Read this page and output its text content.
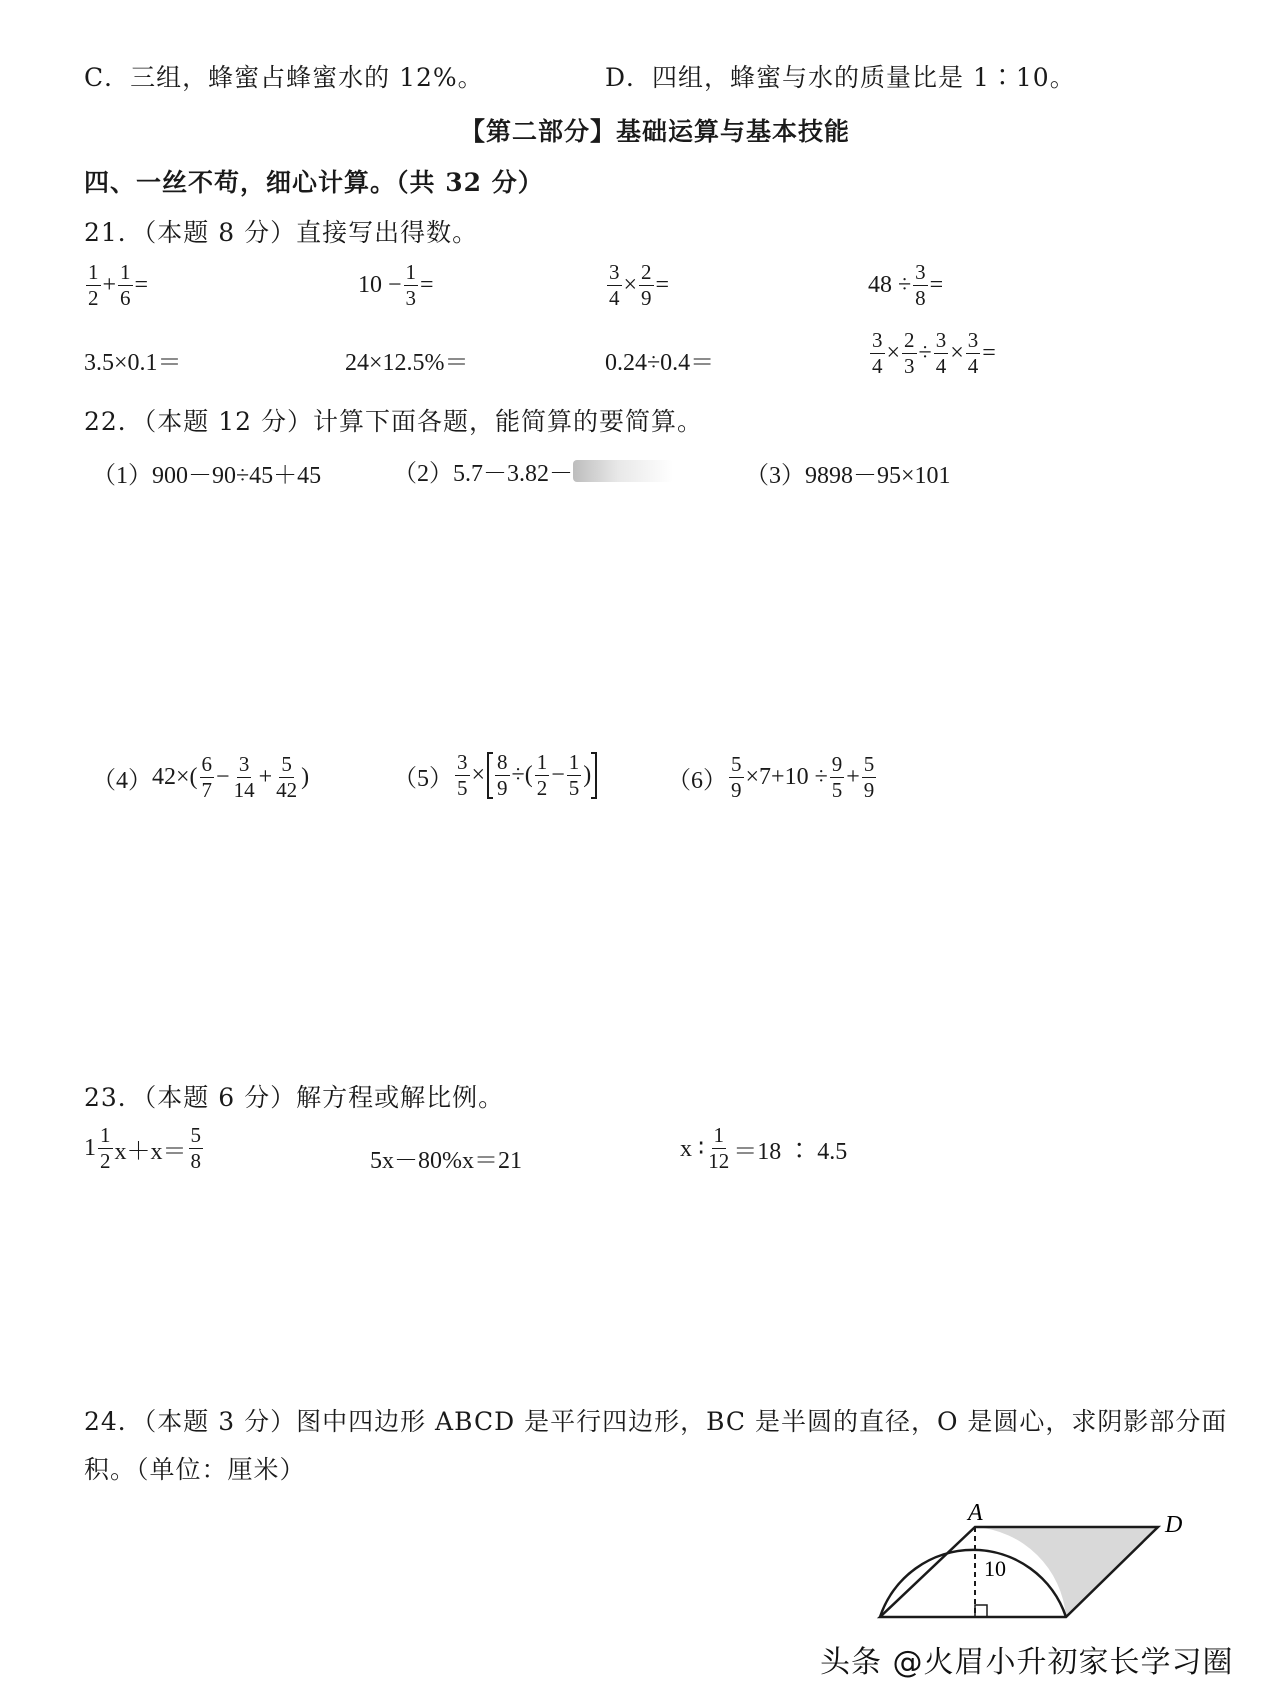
C．三组，蜂蜜占蜂蜜水的 12%。	D．四组，蜂蜜与水的质量比是 1∶10。
【第二部分】基础运算与基本技能
四、一丝不苟，细心计算。（共 32 分）
21．（本题 8 分）直接写出得数。
$\frac{1}{2} + \frac{1}{6}$ =	$10 - \frac{1}{3}$ =	$\frac{3}{4} \times \frac{2}{9}$ =	$48 \div \frac{3}{8}$ =
3.5×0.1＝	24×12.5%＝	0.24÷0.4＝	$\frac{3}{4} \times \frac{2}{3} \div \frac{3}{4} \times \frac{3}{4}$ =
22．（本题 12 分）计算下面各题，能简算的要简算。
（1）900－90÷45＋45	（2）5.7－3.82－	（3）9898－95×101
（4） $42\times( \frac{6}{7} - \frac{3}{14} + \frac{5}{42}$ )	$(5) \frac{3}{5} \times \frac{8}{9}$ ÷( $\frac{1}{2} - \frac{1}{5}$ )	$(6) \frac{5}{9} \times 7+10 \div \frac{9}{5} + \frac{5}{9}$
23．（本题 6 分）解方程或解比例。
$1 \frac{1}{2} x+x= \frac{5}{8}$	5x－80%x＝21	x ∶ $\frac{1}{12} =18$ ∶ 4.5
24．（本题 3 分）图中四边形 ABCD 是平行四边形，BC 是半圆的直径，O 是圆心，求阴影部分面
积。（单位：厘米）
A	D
10
头条 @火眉小升初家长学习圈
